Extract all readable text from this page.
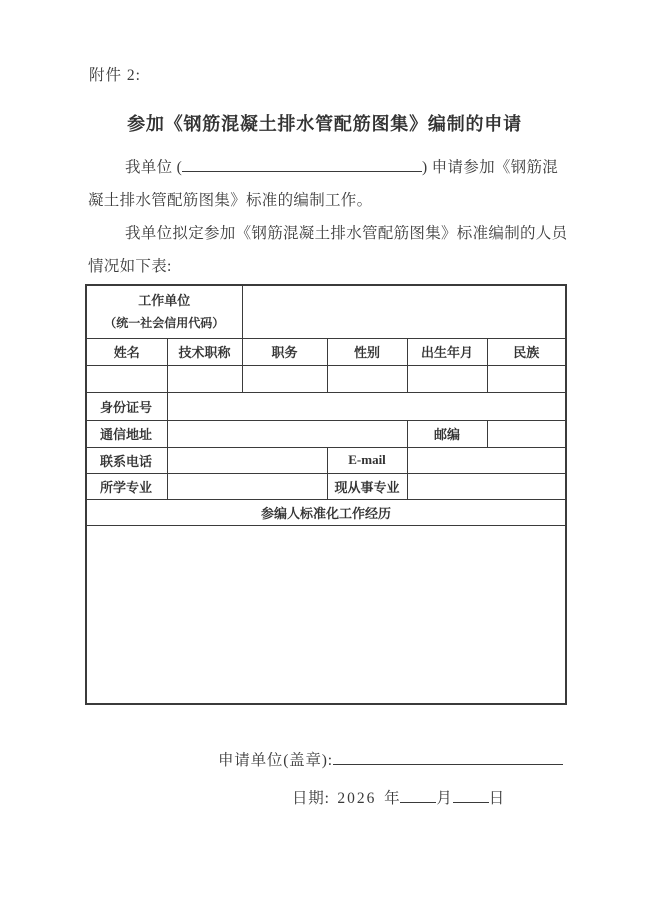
附件 2:
参加《钢筋混凝土排水管配筋图集》编制的申请
我单位 (	) 申请参加《钢筋混
凝土排水管配筋图集》标准的编制工作。
我单位拟定参加《钢筋混凝土排水管配筋图集》标准编制的人员
情况如下表:
工作单位
（统一社会信用代码）					

姓名	技术职称	职务	性别	出生年月	民族

身份证号					
通信地址				邮编	
联系电话			E-mail		
所学专业			现从事专业		
参编人标准化工作经历					

申请单位(盖章):
日期: 2026 年 月 日
